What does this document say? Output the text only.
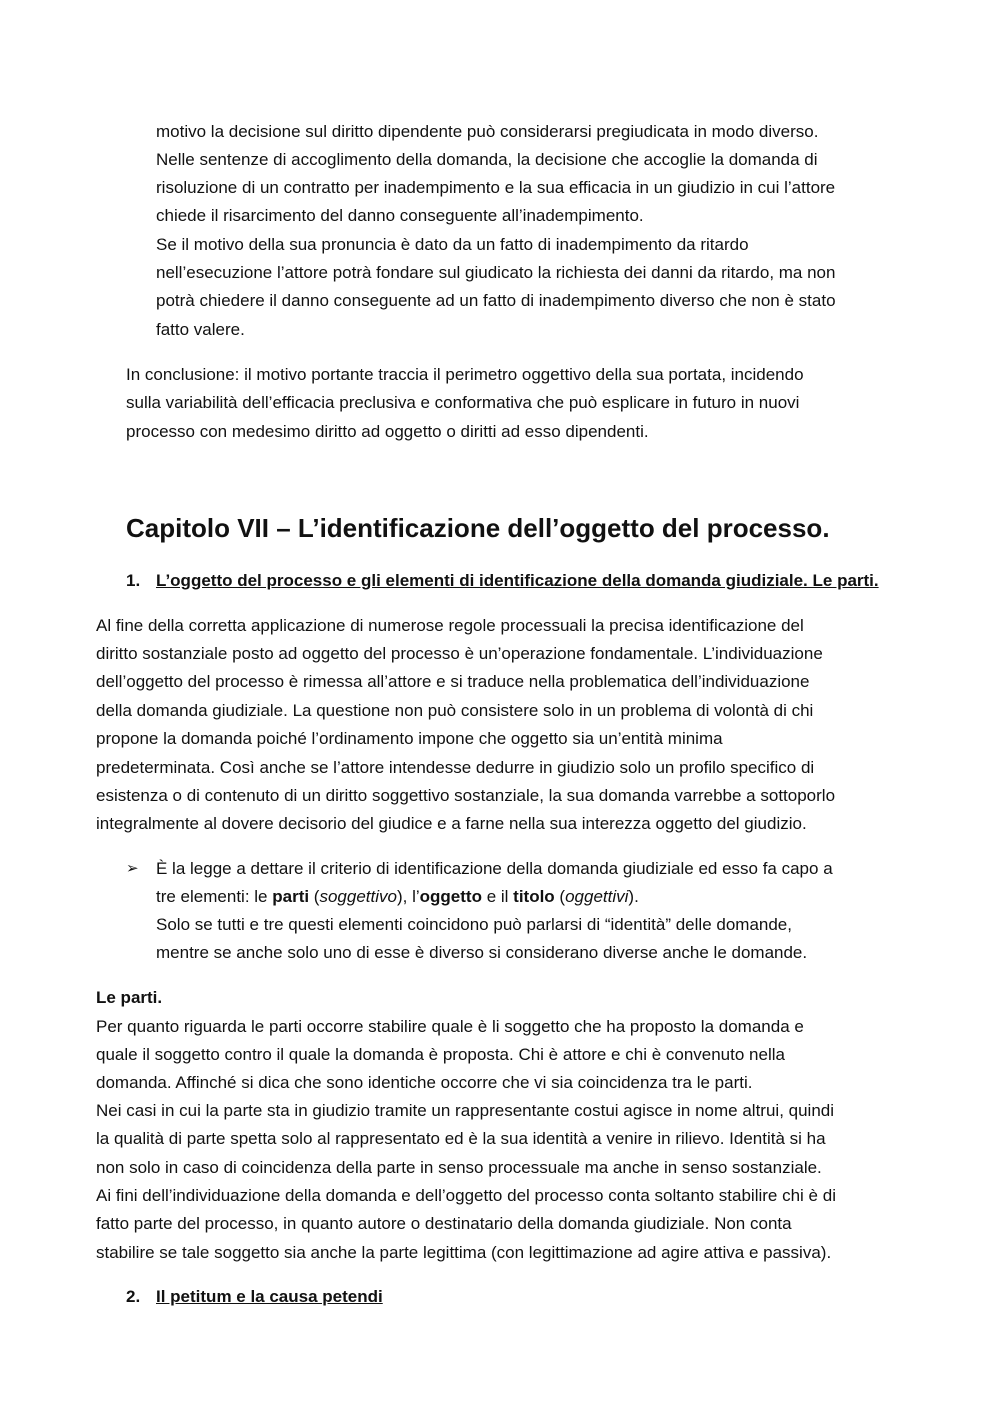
motivo la decisione sul diritto dipendente può considerarsi pregiudicata in modo diverso.
Nelle sentenze di accoglimento della domanda, la decisione che accoglie la domanda di
risoluzione di un contratto per inadempimento e la sua efficacia in un giudizio in cui l’attore
chiede il risarcimento del danno conseguente all’inadempimento.
Se il motivo della sua pronuncia è dato da un fatto di inadempimento da ritardo
nell’esecuzione l’attore potrà fondare sul giudicato la richiesta dei danni da ritardo, ma non
potrà chiedere il danno conseguente ad un fatto di inadempimento diverso che non è stato
fatto valere.
In conclusione: il motivo portante traccia il perimetro oggettivo della sua portata, incidendo
sulla variabilità dell’efficacia preclusiva e conformativa che può esplicare in futuro in nuovi
processo con medesimo diritto ad oggetto o diritti ad esso dipendenti.
Capitolo VII – L’identificazione dell’oggetto del processo.
1. L’oggetto del processo e gli elementi di identificazione della domanda giudiziale. Le parti.
Al fine della corretta applicazione di numerose regole processuali la precisa identificazione del
diritto sostanziale posto ad oggetto del processo è un’operazione fondamentale. L’individuazione
dell’oggetto del processo è rimessa all’attore e si traduce nella problematica dell’individuazione
della domanda giudiziale. La questione non può consistere solo in un problema di volontà di chi
propone la domanda poiché l’ordinamento impone che oggetto sia un’entità minima
predeterminata. Così anche se l’attore intendesse dedurre in giudizio solo un profilo specifico di
esistenza o di contenuto di un diritto soggettivo sostanziale, la sua domanda varrebbe a sottoporlo
integralmente al dovere decisorio del giudice e a farne nella sua interezza oggetto del giudizio.
➢ È la legge a dettare il criterio di identificazione della domanda giudiziale ed esso fa capo a
tre elementi: le parti (soggettivo), l’oggetto e il titolo (oggettivi).
Solo se tutti e tre questi elementi coincidono può parlarsi di “identità” delle domande,
mentre se anche solo uno di esse è diverso si considerano diverse anche le domande.
Le parti.
Per quanto riguarda le parti occorre stabilire quale è li soggetto che ha proposto la domanda e
quale il soggetto contro il quale la domanda è proposta. Chi è attore e chi è convenuto nella
domanda. Affinché si dica che sono identiche occorre che vi sia coincidenza tra le parti.
Nei casi in cui la parte sta in giudizio tramite un rappresentante costui agisce in nome altrui, quindi
la qualità di parte spetta solo al rappresentato ed è la sua identità a venire in rilievo. Identità si ha
non solo in caso di coincidenza della parte in senso processuale ma anche in senso sostanziale.
Ai fini dell’individuazione della domanda e dell’oggetto del processo conta soltanto stabilire chi è di
fatto parte del processo, in quanto autore o destinatario della domanda giudiziale. Non conta
stabilire se tale soggetto sia anche la parte legittima (con legittimazione ad agire attiva e passiva).
2. Il petitum e la causa petendi
